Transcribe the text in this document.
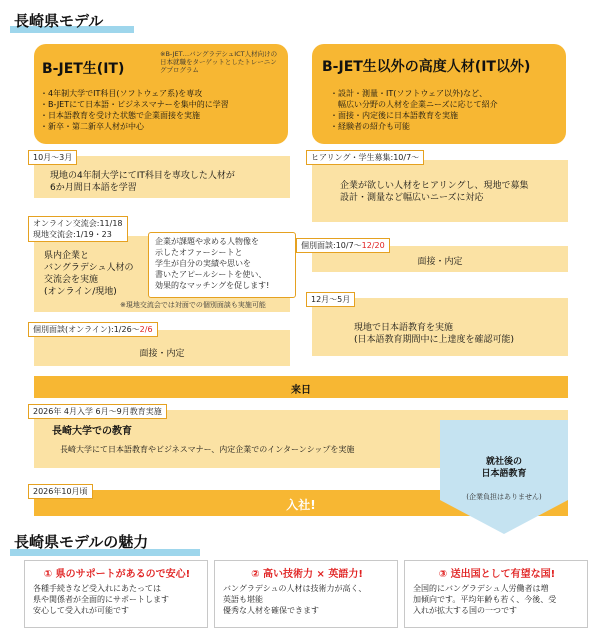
長崎県モデル
B-JET生(IT)
※B-JET…バングラデシュICT人材向けの日本就職をターゲットとしたトレーニングプログラム
・4年制大学でIT科目(ソフトウェア系)を専攻
・B-JETにて日本語・ビジネスマナーを集中的に学習
・日本語教育を受けた状態で企業面接を実施
・新卒・第二新卒人材が中心
B-JET生以外の高度人材(IT以外)
・設計・測量・IT(ソフトウェア以外)など、
　幅広い分野の人材を企業ニーズに応じて紹介
・面接・内定後に日本語教育を実施
・経験者の紹介も可能
現地の4年制大学にてIT科目を専攻した人材が
6か月間日本語を学習
10月～3月
県内企業と
バングラデシュ人材の
交流会を実施
(オンライン/現地)
オンライン交流会:11/18
現地交流会:1/19・23
企業が課題や求める人物像を
示したオファーシートと
学生が自分の実績や思いを
書いたアピールシートを使い、
効果的なマッチングを促します!
※現地交流会では対面での個別面談も実施可能
面接・内定
個別面談(オンライン):1/26～2/6
企業が欲しい人材をヒアリングし、現地で募集
設計・測量など幅広いニーズに対応
ヒアリング・学生募集:10/7～
面接・内定
個別面談:10/7～12/20
現地で日本語教育を実施
(日本語教育期間中に上達度を確認可能)
12月～5月
来日
長崎大学での教育
長崎大学にて日本語教育やビジネスマナー、内定企業でのインターンシップを実施
2026年 4月入学 6月～9月教育実施
入社!
2026年10月頃
就社後の
日本語教育
(企業負担はありません)
長崎県モデルの魅力
① 県のサポートがあるので安心!
各種手続きなど受入れにあたっては
県や関係者が全面的にサポートします
安心して受入れが可能です
② 高い技術力 × 英語力!
バングラデシュの人材は技術力が高く、
英語も堪能
優秀な人材を確保できます
③ 送出国として有望な国!
全国的にバングラデシュ人労働者は増
加傾向です。平均年齢も若く、今後、受
入れが拡大する国の一つです
